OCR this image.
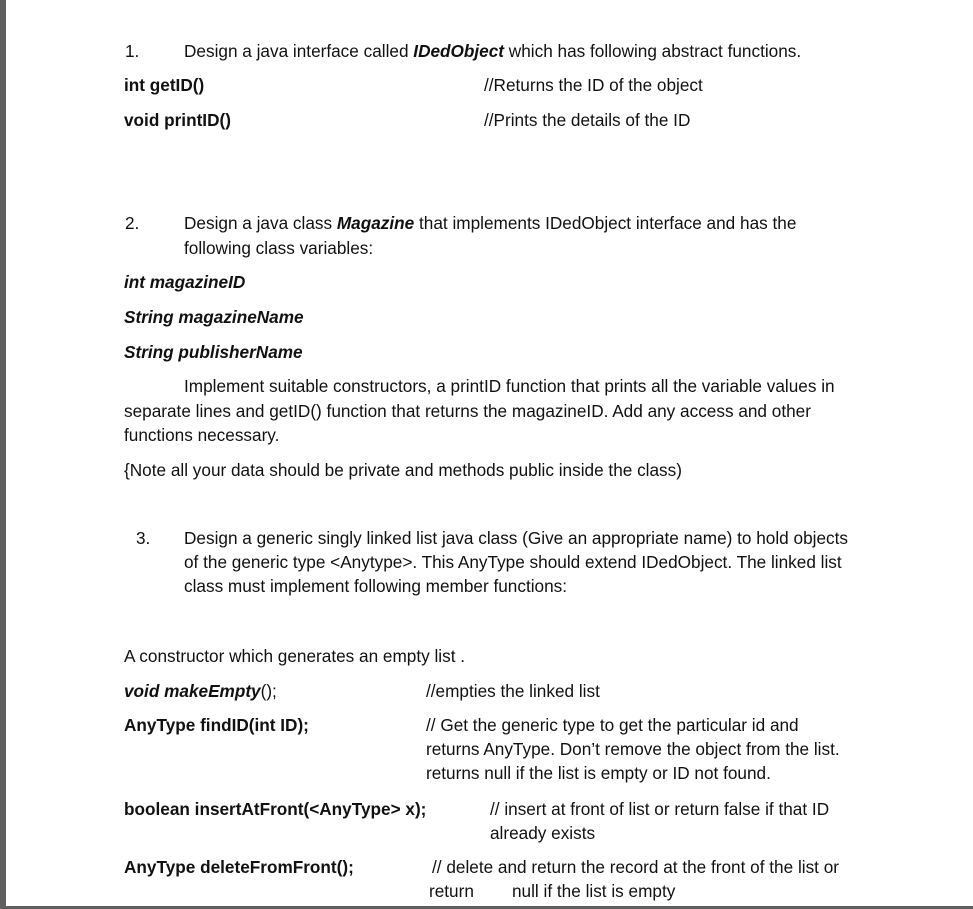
1.	Design a java interface called IDedObject which has following abstract functions.
int getID()	//Returns the ID of the object
void printID()	//Prints the details of the ID
2.	Design a java class Magazine that implements IDedObject interface and has the
following class variables:
int magazineID
String magazineName
String publisherName
Implement suitable constructors, a printID function that prints all the variable values in
separate lines and getID() function that returns the magazineID. Add any access and other
functions necessary.
{Note all your data should be private and methods public inside the class)
3. Design a generic singly linked list java class (Give an appropriate name) to hold objects
of the generic type <Anytype>. This AnyType should extend IDedObject. The linked list
class must implement following member functions:
A constructor which generates an empty list .
void makeEmpty();	//empties the linked list
AnyType findID(int ID);	// Get the generic type to get the particular id and
returns AnyType. Don’t remove the object from the list.
returns null if the list is empty or ID not found.
boolean insertAtFront(<AnyType> x);	// insert at front of list or return false if that ID
already exists
AnyType deleteFromFront();	// delete and return the record at the front of the list or
return null if the list is empty
